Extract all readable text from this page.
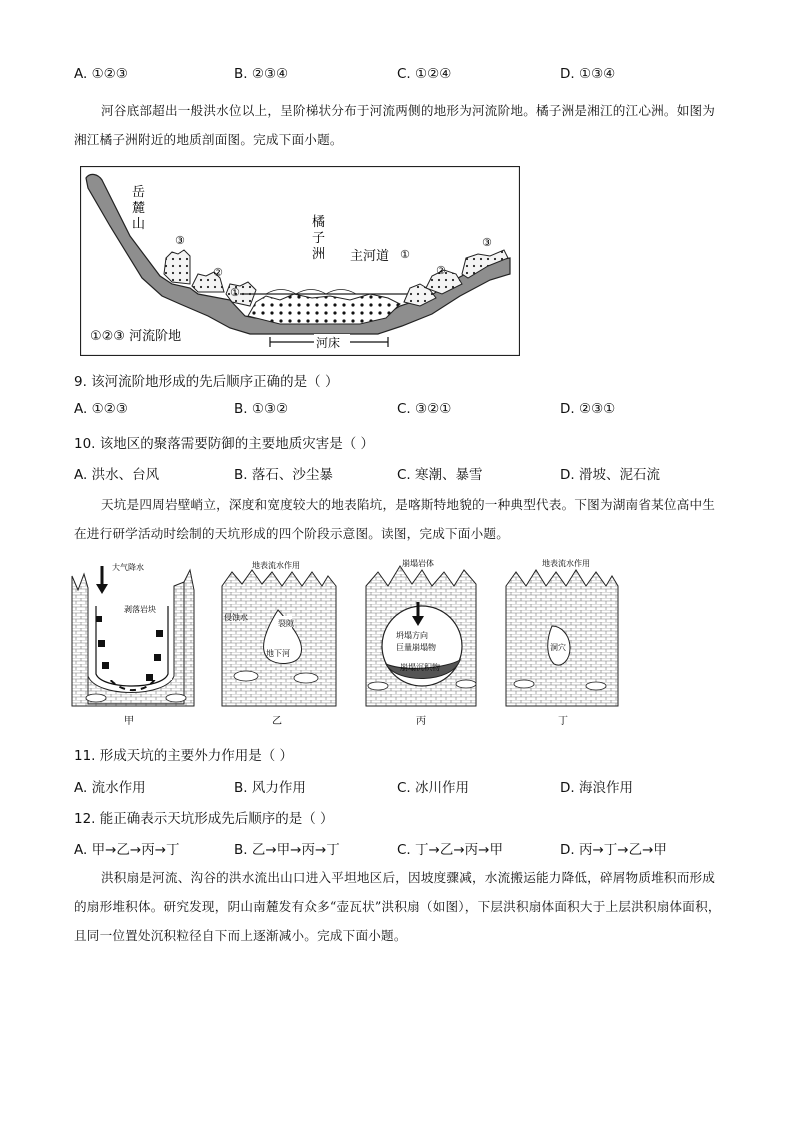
A. ①②③	B. ②③④	C. ①②④	D. ①③④
河谷底部超出一般洪水位以上，呈阶梯状分布于河流两侧的地形为河流阶地。橘子洲是湘江的江心洲。如图为湘江橘子洲附近的地质剖面图。完成下面小题。
岳
麓
山	橘
子
洲 主河道
③
②
①
①
②
③
①②③ 河流阶地	河床
9. 该河流阶地形成的先后顺序正确的是（ ）
A. ①②③	B. ①③②	C. ③②①	D. ②③①
10. 该地区的聚落需要防御的主要地质灾害是（ ）
A. 洪水、台风	B. 落石、沙尘暴	C. 寒潮、暴雪	D. 滑坡、泥石流
天坑是四周岩壁峭立，深度和宽度较大的地表陷坑，是喀斯特地貌的一种典型代表。下图为湖南省某位高中生在进行研学活动时绘制的天坑形成的四个阶段示意图。读图，完成下面小题。
大气降水
剥落岩块
甲
地表流水作用
侵蚀水
裂隙
地下河
乙
崩塌岩体
坍塌方向
巨量崩塌物
崩塌沉积物
丙
地表流水作用
洞穴
丁
11. 形成天坑的主要外力作用是（ ）
A. 流水作用	B. 风力作用	C. 冰川作用	D. 海浪作用
12. 能正确表示天坑形成先后顺序的是（ ）
A. 甲→乙→丙→丁	B. 乙→甲→丙→丁	C. 丁→乙→丙→甲	D. 丙→丁→乙→甲
洪积扇是河流、沟谷的洪水流出山口进入平坦地区后，因坡度骤减，水流搬运能力降低，碎屑物质堆积而形成的扇形堆积体。研究发现，阴山南麓发有众多“壶瓦状”洪积扇（如图），下层洪积扇体面积大于上层洪积扇体面积，且同一位置处沉积粒径自下而上逐渐减小。完成下面小题。
